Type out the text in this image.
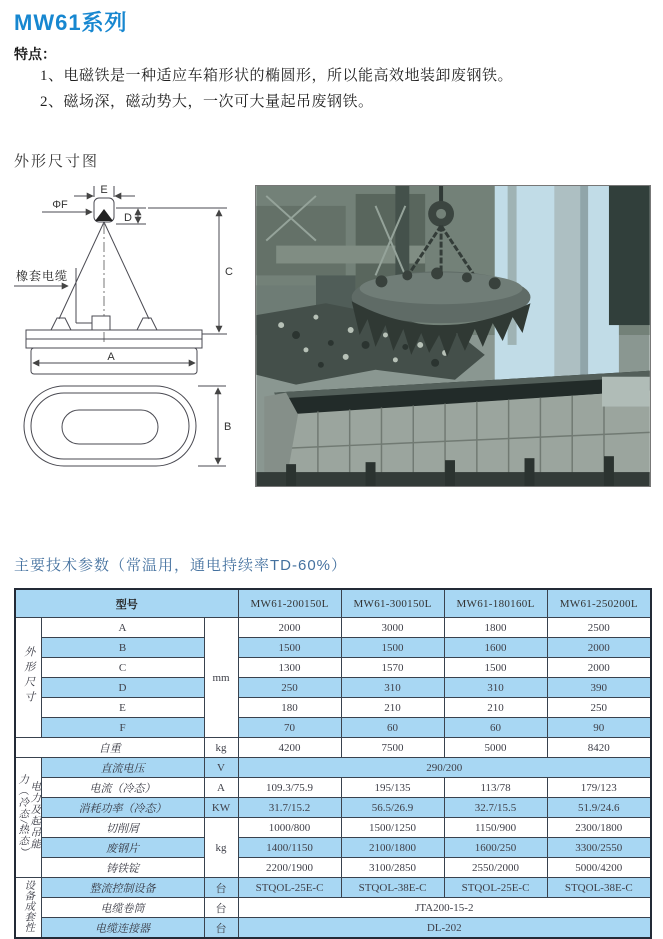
MW61系列
特点：
1、电磁铁是一种适应车箱形状的椭圆形，所以能高效地装卸废钢铁。
2、磁场深，磁动势大，一次可大量起吊废钢铁。
外形尺寸图
E
ΦF
D
C
A
B
橡套电缆
主要技术参数（常温用，通电持续率TD-60%）
型号			MW61-200150L	MW61-300150L	MW61-180160L	MW61-250200L
外形尺寸	A	mm	2000	3000	1800	2500
	B		1500	1500	1600	2000
	C		1300	1570	1500	2000
	D		250	310	310	390
	E		180	210	210	250
	F		70	60	60	90
自重		kg	4200	7500	5000	8420

电力及起吊能
力（冷态/热态）	直流电压	V	290/200			
	电流（冷态）	A	109.3/75.9	195/135	113/78	179/123
	消耗功率（冷态）	KW	31.7/15.2	56.5/26.9	32.7/15.5	51.9/24.6
	切削屑	kg	1000/800	1500/1250	1150/900	2300/1800
	废钢片		1400/1150	2100/1800	1600/250	3300/2550
	铸铁锭		2200/1900	3100/2850	2550/2000	5000/4200
设备成套性	整流控制设备	台	STQOL-25E-C	STQOL-38E-C	STQOL-25E-C	STQOL-38E-C
	电缆卷筒	台	JTA200-15-2			
	电缆连接器	台	DL-202			
